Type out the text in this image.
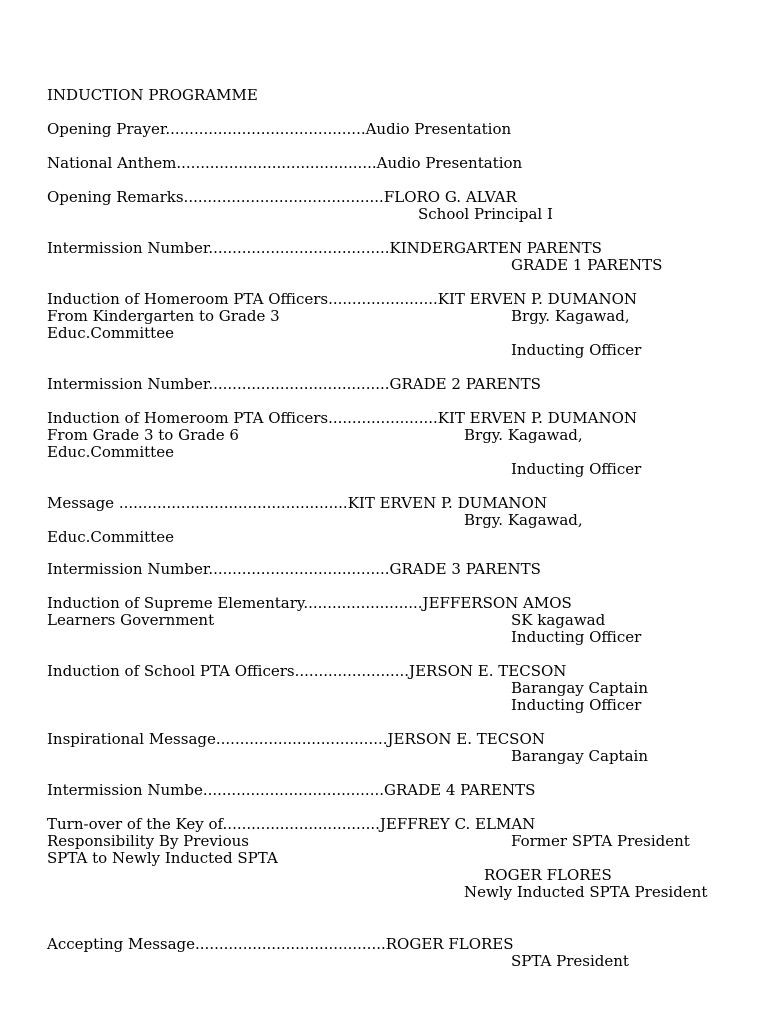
INDUCTION PROGRAMME

Opening Prayer..........................................Audio Presentation

National Anthem..........................................Audio Presentation

Opening Remarks..........................................FLORO G. ALVAR

School Principal I

Intermission Number......................................KINDERGARTEN PARENTS

GRADE 1 PARENTS

Induction of Homeroom PTA Officers.......................KIT ERVEN P. DUMANON

From Kindergarten to Grade 3	Brgy. Kagawad,

Educ.Committee

Inducting Officer

Intermission Number......................................GRADE 2 PARENTS

Induction of Homeroom PTA Officers.......................KIT ERVEN P. DUMANON

From Grade 3 to Grade 6	Brgy. Kagawad,

Educ.Committee

Inducting Officer

Message ................................................KIT ERVEN P. DUMANON

Brgy. Kagawad,

Educ.Committee

Intermission Number......................................GRADE 3 PARENTS

Induction of Supreme Elementary.........................JEFFERSON AMOS

Learners Government	SK kagawad

Inducting Officer

Induction of School PTA Officers........................JERSON E. TECSON

Barangay Captain

Inducting Officer

Inspirational Message....................................JERSON E. TECSON

Barangay Captain

Intermission Numbe......................................GRADE 4 PARENTS

Turn-over of the Key of.................................JEFFREY C. ELMAN

Responsibility By Previous	Former SPTA President

SPTA to Newly Inducted SPTA

ROGER FLORES

Newly Inducted SPTA President

Accepting Message........................................ROGER FLORES

SPTA President
